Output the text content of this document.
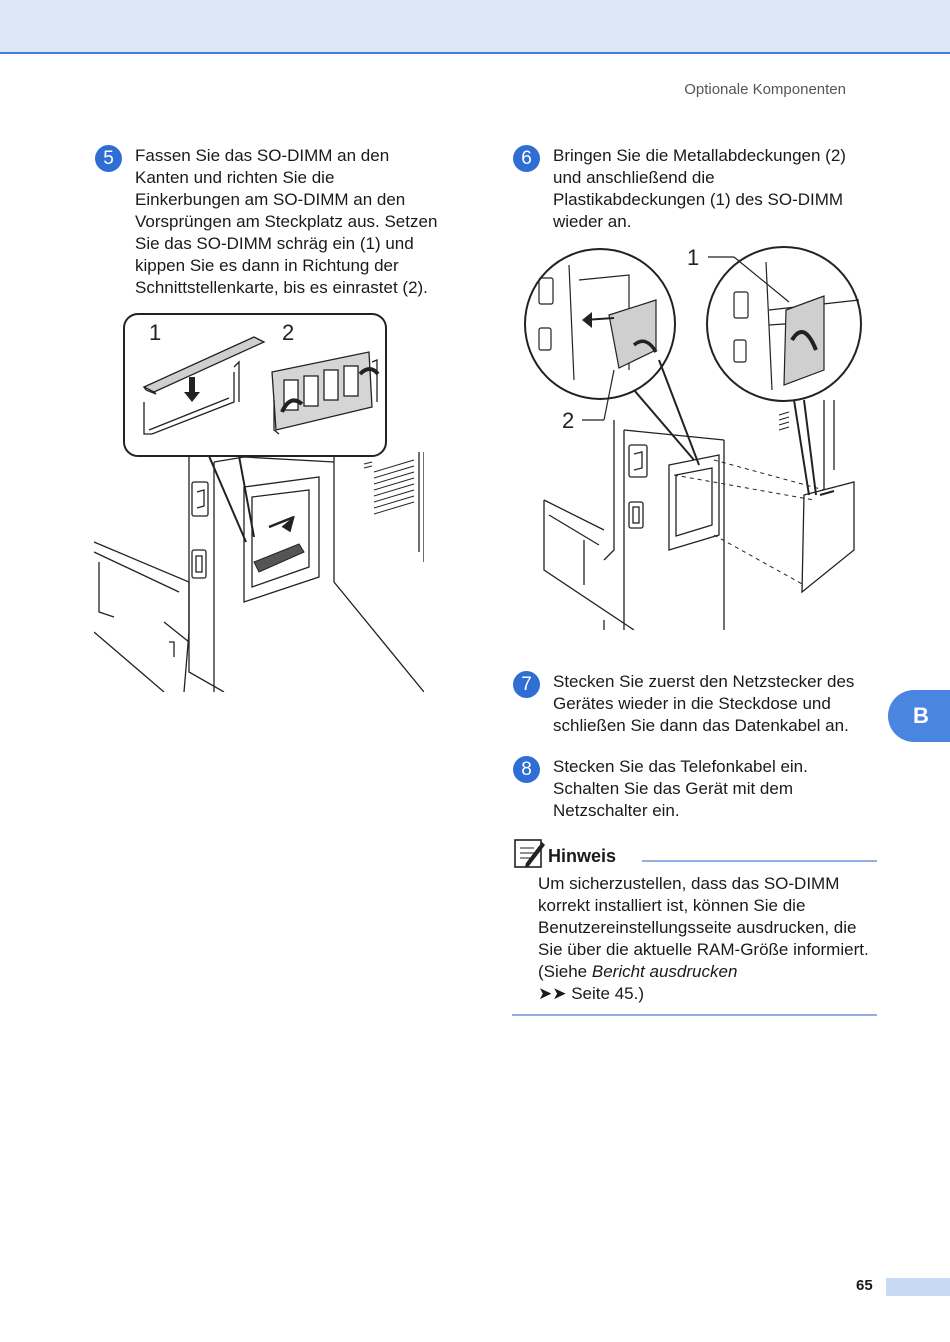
Optionale Komponenten
5	Fassen Sie das SO-DIMM an den
Kanten und richten Sie die
Einkerbungen am SO-DIMM an den
Vorsprüngen am Steckplatz aus. Setzen
Sie das SO-DIMM schräg ein (1) und
kippen Sie es dann in Richtung der
Schnittstellenkarte, bis es einrastet (2).
1	2
6	Bringen Sie die Metallabdeckungen (2)
und anschließend die
Plastikabdeckungen (1) des SO-DIMM
wieder an.
1
2
7	Stecken Sie zuerst den Netzstecker des
Gerätes wieder in die Steckdose und
schließen Sie dann das Datenkabel an.
8	Stecken Sie das Telefonkabel ein.
Schalten Sie das Gerät mit dem
Netzschalter ein.
B
Hinweis
Um sicherzustellen, dass das SO-DIMM korrekt installiert ist, können Sie die Benutzereinstellungsseite ausdrucken, die Sie über die aktuelle RAM-Größe informiert. (Siehe Bericht ausdrucken
➤➤ Seite 45.)
65
